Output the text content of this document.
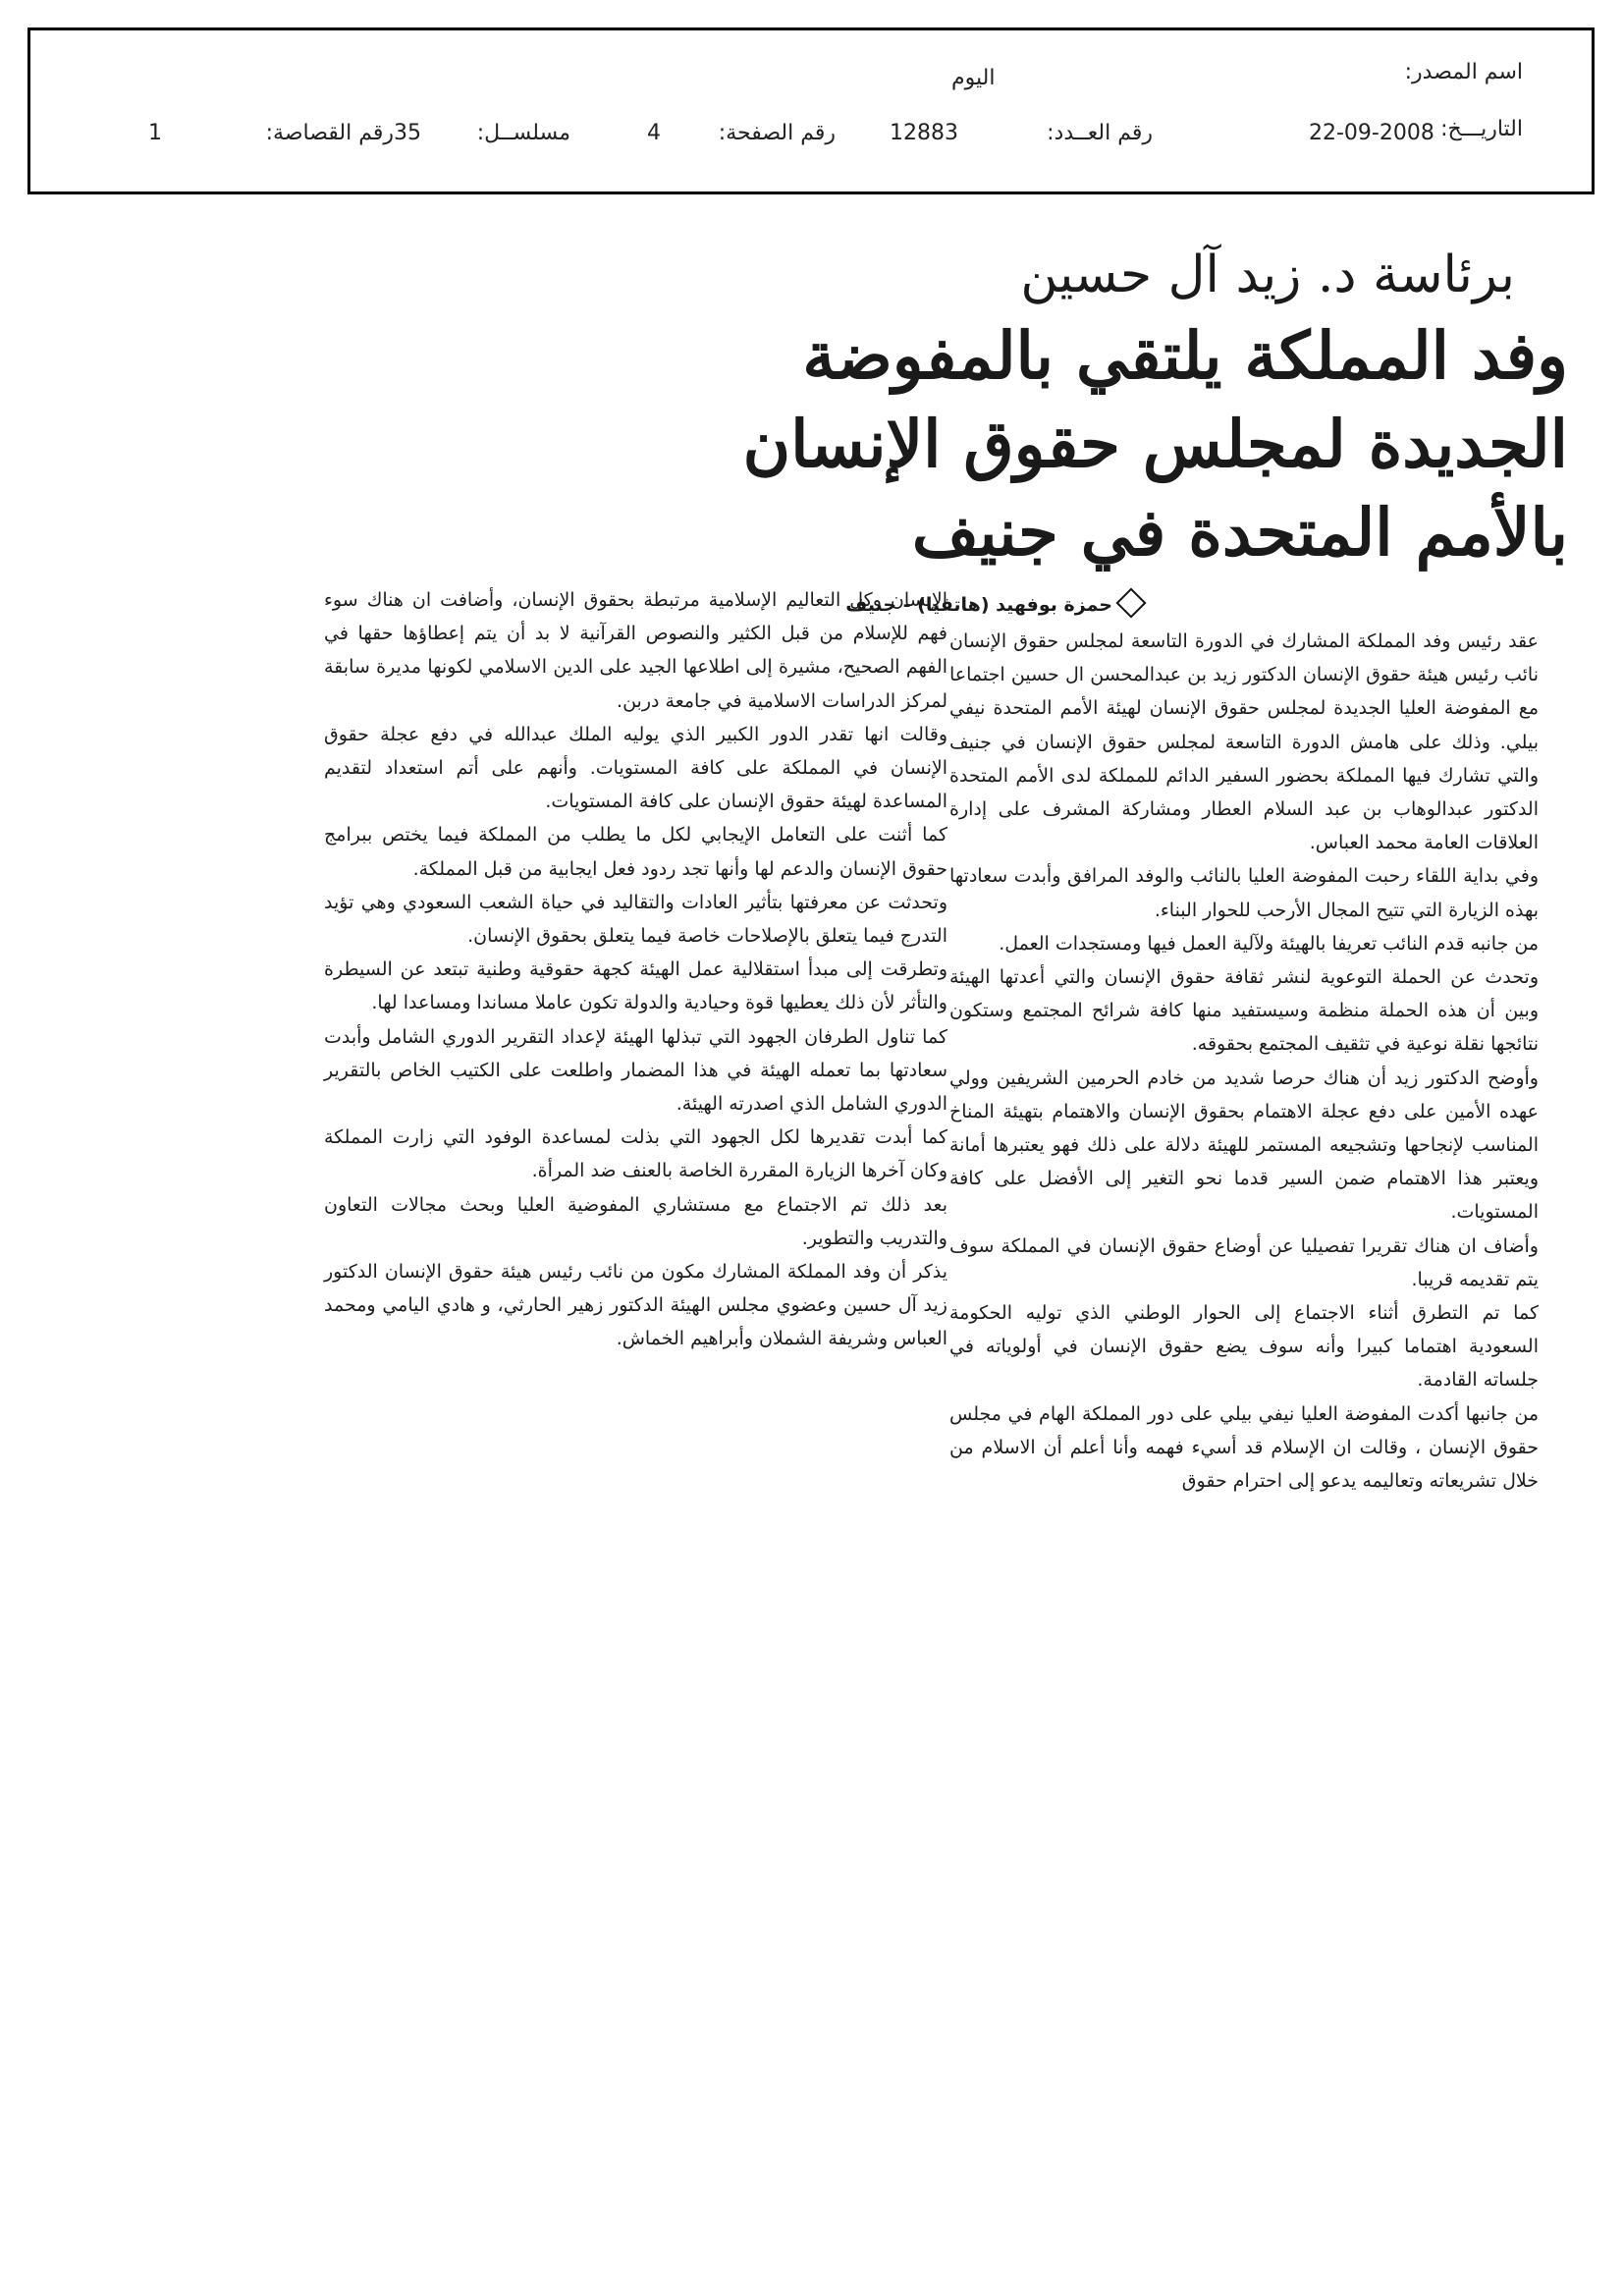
اسم المصدر:
اليوم
التاريـــخ:
22-09-2008
رقم العــدد:
12883
رقم الصفحة:
4
مسلســل:
35
رقم القصاصة:
1
برئاسة د. زيد آل حسين
وفد المملكة يلتقي بالمفوضة
الجديدة لمجلس حقوق الإنسان
بالأمم المتحدة في جنيف
حمزة بوفهيد (هاتفيا) - جنيف

عقد رئيس وفد المملكة المشارك في الدورة التاسعة لمجلس حقوق الإنسان نائب رئيس هيئة حقوق الإنسان الدكتور زيد بن عبدالمحسن ال حسين اجتماعا مع المفوضة العليا الجديدة لمجلس حقوق الإنسان لهيئة الأمم المتحدة نيفي بيلي. وذلك على هامش الدورة التاسعة لمجلس حقوق الإنسان في جنيف والتي تشارك فيها المملكة بحضور السفير الدائم للمملكة لدى الأمم المتحدة الدكتور عبدالوهاب بن عبد السلام العطار ومشاركة المشرف على إدارة العلاقات العامة محمد العباس.

وفي بداية اللقاء رحبت المفوضة العليا بالنائب والوفد المرافق وأبدت سعادتها بهذه الزيارة التي تتيح المجال الأرحب للحوار البناء.

من جانبه قدم النائب تعريفا بالهيئة ولآلية العمل فيها ومستجدات العمل.

وتحدث عن الحملة التوعوية لنشر ثقافة حقوق الإنسان والتي أعدتها الهيئة وبين أن هذه الحملة منظمة وسيستفيد منها كافة شرائح المجتمع وستكون نتائجها نقلة نوعية في تثقيف المجتمع بحقوقه.

وأوضح الدكتور زيد أن هناك حرصا شديد من خادم الحرمين الشريفين وولي عهده الأمين على دفع عجلة الاهتمام بحقوق الإنسان والاهتمام بتهيئة المناخ المناسب لإنجاحها وتشجيعه المستمر للهيئة دلالة على ذلك فهو يعتبرها أمانة ويعتبر هذا الاهتمام ضمن السير قدما نحو التغير إلى الأفضل على كافة المستويات.

وأضاف ان هناك تقريرا تفصيليا عن أوضاع حقوق الإنسان في المملكة سوف يتم تقديمه قريبا.

كما تم التطرق أثناء الاجتماع إلى الحوار الوطني الذي توليه الحكومة السعودية اهتماما كبيرا وأنه سوف يضع حقوق الإنسان في أولوياته في جلساته القادمة.

من جانبها أكدت المفوضة العليا نيفي بيلي على دور المملكة الهام في مجلس حقوق الإنسان ، وقالت ان الإسلام قد أسيء فهمه وأنا أعلم أن الاسلام من خلال تشريعاته وتعاليمه يدعو إلى احترام حقوق

الإنسان وكل التعاليم الإسلامية مرتبطة بحقوق الإنسان، وأضافت ان هناك سوء فهم للإسلام من قبل الكثير والنصوص القرآنية لا بد أن يتم إعطاؤها حقها في الفهم الصحيح، مشيرة إلى اطلاعها الجيد على الدين الاسلامي لكونها مديرة سابقة لمركز الدراسات الاسلامية في جامعة دربن.

وقالت انها تقدر الدور الكبير الذي يوليه الملك عبدالله في دفع عجلة حقوق الإنسان في المملكة على كافة المستويات. وأنهم على أتم استعداد لتقديم المساعدة لهيئة حقوق الإنسان على كافة المستويات.

كما أثنت على التعامل الإيجابي لكل ما يطلب من المملكة فيما يختص ببرامج حقوق الإنسان والدعم لها وأنها تجد ردود فعل ايجابية من قبل المملكة.

وتحدثت عن معرفتها بتأثير العادات والتقاليد في حياة الشعب السعودي وهي تؤيد التدرج فيما يتعلق بالإصلاحات خاصة فيما يتعلق بحقوق الإنسان.

وتطرقت إلى مبدأ استقلالية عمل الهيئة كجهة حقوقية وطنية تبتعد عن السيطرة والتأثر لأن ذلك يعطيها قوة وحيادية والدولة تكون عاملا مساندا ومساعدا لها.

كما تناول الطرفان الجهود التي تبذلها الهيئة لإعداد التقرير الدوري الشامل وأبدت سعادتها بما تعمله الهيئة في هذا المضمار واطلعت على الكتيب الخاص بالتقرير الدوري الشامل الذي اصدرته الهيئة.

كما أبدت تقديرها لكل الجهود التي بذلت لمساعدة الوفود التي زارت المملكة وكان آخرها الزيارة المقررة الخاصة بالعنف ضد المرأة.

بعد ذلك تم الاجتماع مع مستشاري المفوضية العليا وبحث مجالات التعاون والتدريب والتطوير.

يذكر أن وفد المملكة المشارك مكون من نائب رئيس هيئة حقوق الإنسان الدكتور زيد آل حسين وعضوي مجلس الهيئة الدكتور زهير الحارثي، و هادي اليامي ومحمد العباس وشريفة الشملان وأبراهيم الخماش.
